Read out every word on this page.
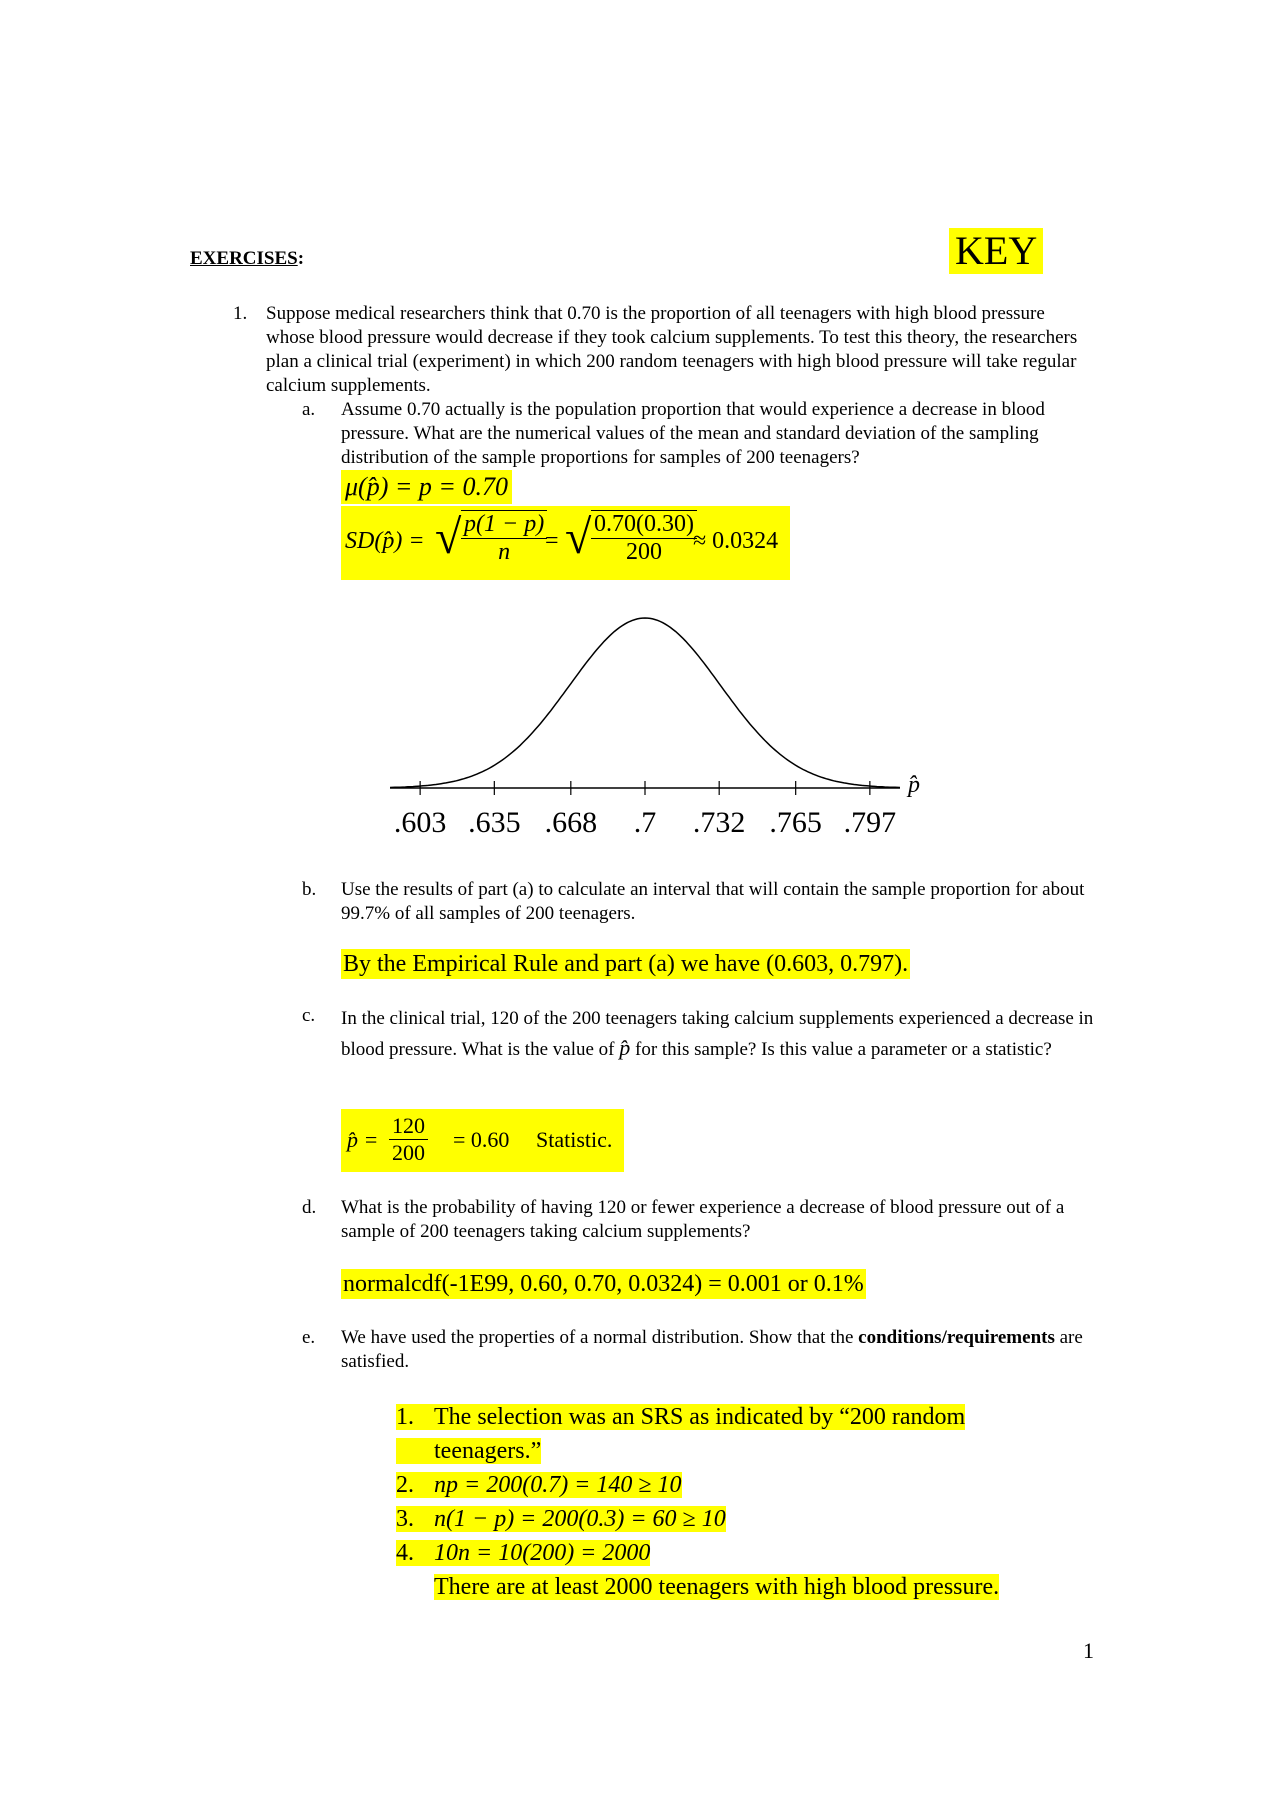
EXERCISES:	KEY
1. Suppose medical researchers think that 0.70 is the proportion of all teenagers with high blood pressure whose blood pressure would decrease if they took calcium supplements. To test this theory, the researchers plan a clinical trial (experiment) in which 200 random teenagers with high blood pressure will take regular calcium supplements.
a. Assume 0.70 actually is the population proportion that would experience a decrease in blood pressure. What are the numerical values of the mean and standard deviation of the sampling distribution of the sample proportions for samples of 200 teenagers?
μ(p̂) = p = 0.70
SD(p̂) = √ $\frac{p(1 - p)}{n}$
= √ $\frac{0.70(0.30)}{200}$
≈ 0.0324
.603 .635 .668 .7 .732 .765 .797
p̂
b. Use the results of part (a) to calculate an interval that will contain the sample proportion for about 99.7% of all samples of 200 teenagers.
By the Empirical Rule and part (a) we have (0.603, 0.797).
c. In the clinical trial, 120 of the 200 teenagers taking calcium supplements experienced a decrease in blood pressure. What is the value of p̂ for this sample? Is this value a parameter or a statistic?
p̂ = $\frac{120}{200} = 0.60$ Statistic.
d. What is the probability of having 120 or fewer experience a decrease of blood pressure out of a sample of 200 teenagers taking calcium supplements?
normalcdf(-1E99, 0.60, 0.70, 0.0324) = 0.001 or 0.1%
e. We have used the properties of a normal distribution. Show that the conditions/requirements are satisfied.
1. The selection was an SRS as indicated by “200 random
teenagers.”
2. np = 200(0.7) = 140 ≥ 10
3. n(1 − p) = 200(0.3) = 60 ≥ 10
4. 10n = 10(200) = 2000
There are at least 2000 teenagers with high blood pressure.
1
